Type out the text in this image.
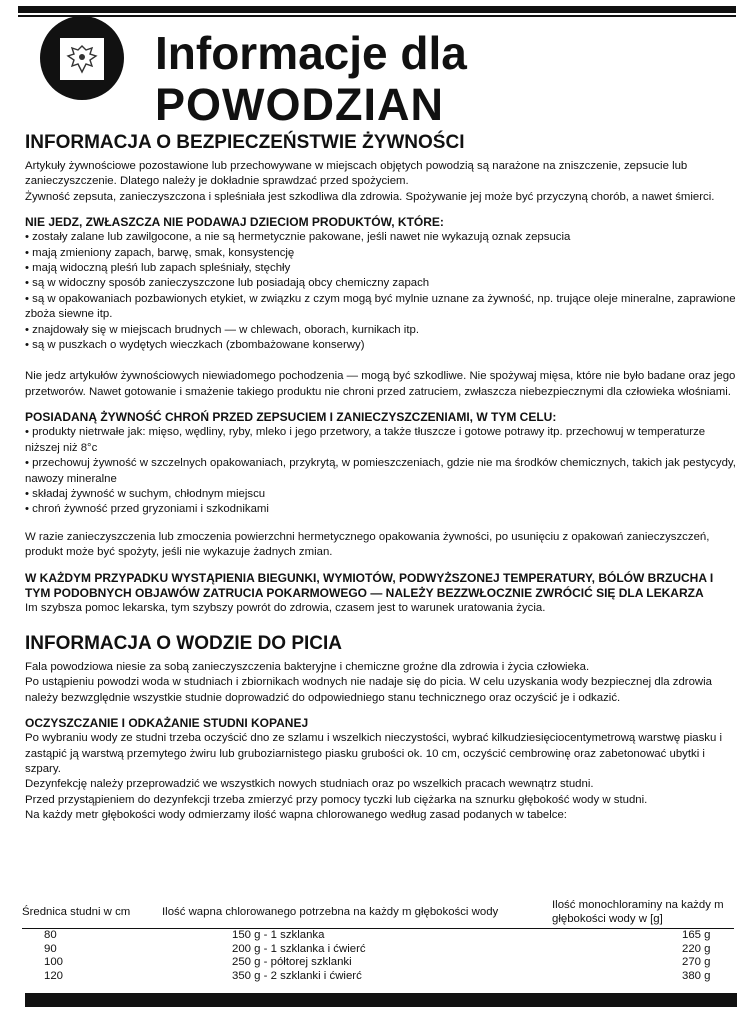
Informacje dla
POWODZIAN
INFORMACJA O BEZPIECZEŃSTWIE ŻYWNOŚCI

Artykuły żywnościowe pozostawione lub przechowywane w miejscach objętych powodzią są narażone na zniszczenie, zepsucie lub zanieczyszczenie. Dlatego należy je dokładnie sprawdzać przed spożyciem.

Żywność zepsuta, zanieczyszczona i spleśniała jest szkodliwa dla zdrowia. Spożywanie jej może być przyczyną chorób, a nawet śmierci.

NIE JEDZ, ZWŁASZCZA NIE PODAWAJ DZIECIOM PRODUKTÓW, KTÓRE:

• zostały zalane lub zawilgocone, a nie są hermetycznie pakowane, jeśli nawet nie wykazują oznak zepsucia
• mają zmieniony zapach, barwę, smak, konsystencję
• mają widoczną pleśń lub zapach spleśniały, stęchły
• są w widoczny sposób zanieczyszczone lub posiadają obcy chemiczny zapach
• są w opakowaniach pozbawionych etykiet, w związku z czym mogą być mylnie uznane za żywność, np. trujące oleje mineralne, zaprawione zboża siewne itp.
• znajdowały się w miejscach brudnych — w chlewach, oborach, kurnikach itp.
• są w puszkach o wydętych wieczkach (zbombażowane konserwy)

Nie jedz artykułów żywnościowych niewiadomego pochodzenia — mogą być szkodliwe. Nie spożywaj mięsa, które nie było badane oraz jego przetworów. Nawet gotowanie i smażenie takiego produktu nie chroni przed zatruciem, zwłaszcza niebezpiecznymi dla człowieka włośniami.

POSIADANĄ ŻYWNOŚĆ CHROŃ PRZED ZEPSUCIEM I ZANIECZYSZCZENIAMI, W TYM CELU:

• produkty nietrwałe jak: mięso, wędliny, ryby, mleko i jego przetwory, a także tłuszcze i gotowe potrawy itp. przechowuj w temperaturze niższej niż 8°c
• przechowuj żywność w szczelnych opakowaniach, przykrytą, w pomieszczeniach, gdzie nie ma środków chemicznych, takich jak pestycydy, nawozy mineralne
• składaj żywność w suchym, chłodnym miejscu
• chroń żywność przed gryzoniami i szkodnikami

W razie zanieczyszczenia lub zmoczenia powierzchni hermetycznego opakowania żywności, po usunięciu z opakowań zanieczyszczeń, produkt może być spożyty, jeśli nie wykazuje żadnych zmian.

W KAŻDYM PRZYPADKU WYSTĄPIENIA BIEGUNKI, WYMIOTÓW, PODWYŻSZONEJ TEMPERATURY, BÓLÓW BRZUCHA I TYM PODOBNYCH OBJAWÓW ZATRUCIA POKARMOWEGO — NALEŻY BEZZWŁOCZNIE ZWRÓCIĆ SIĘ DLA LEKARZA

Im szybsza pomoc lekarska, tym szybszy powrót do zdrowia, czasem jest to warunek uratowania życia.

INFORMACJA O WODZIE DO PICIA

Fala powodziowa niesie za sobą zanieczyszczenia bakteryjne i chemiczne groźne dla zdrowia i życia człowieka.

Po ustąpieniu powodzi woda w studniach i zbiornikach wodnych nie nadaje się do picia. W celu uzyskania wody bezpiecznej dla zdrowia należy bezwzględnie wszystkie studnie doprowadzić do odpowiedniego stanu technicznego oraz oczyścić je i odkazić.

OCZYSZCZANIE I ODKAŻANIE STUDNI KOPANEJ

Po wybraniu wody ze studni trzeba oczyścić dno ze szlamu i wszelkich nieczystości, wybrać kilkudziesięciocentymetrową warstwę piasku i zastąpić ją warstwą przemytego żwiru lub gruboziarnistego piasku grubości ok. 10 cm, oczyścić cembrowinę oraz zabetonować ubytki i szpary.

Dezynfekcję należy przeprowadzić we wszystkich nowych studniach oraz po wszelkich pracach wewnątrz studni.

Przed przystąpieniem do dezynfekcji trzeba zmierzyć przy pomocy tyczki lub ciężarka na sznurku głębokość wody w studni.

Na każdy metr głębokości wody odmierzamy ilość wapna chlorowanego według zasad podanych w tabelce:

Średnica studni w cm	Ilość wapna chlorowanego potrzebna na każdy m głębokości wody	Ilość monochloraminy na każdy m głębokości wody w [g]
80	150 g - 1 szklanka	165 g
90	200 g - 1 szklanka i ćwierć	220 g
100	250 g - półtorej szklanki	270 g
120	350 g - 2 szklanki i ćwierć	380 g
